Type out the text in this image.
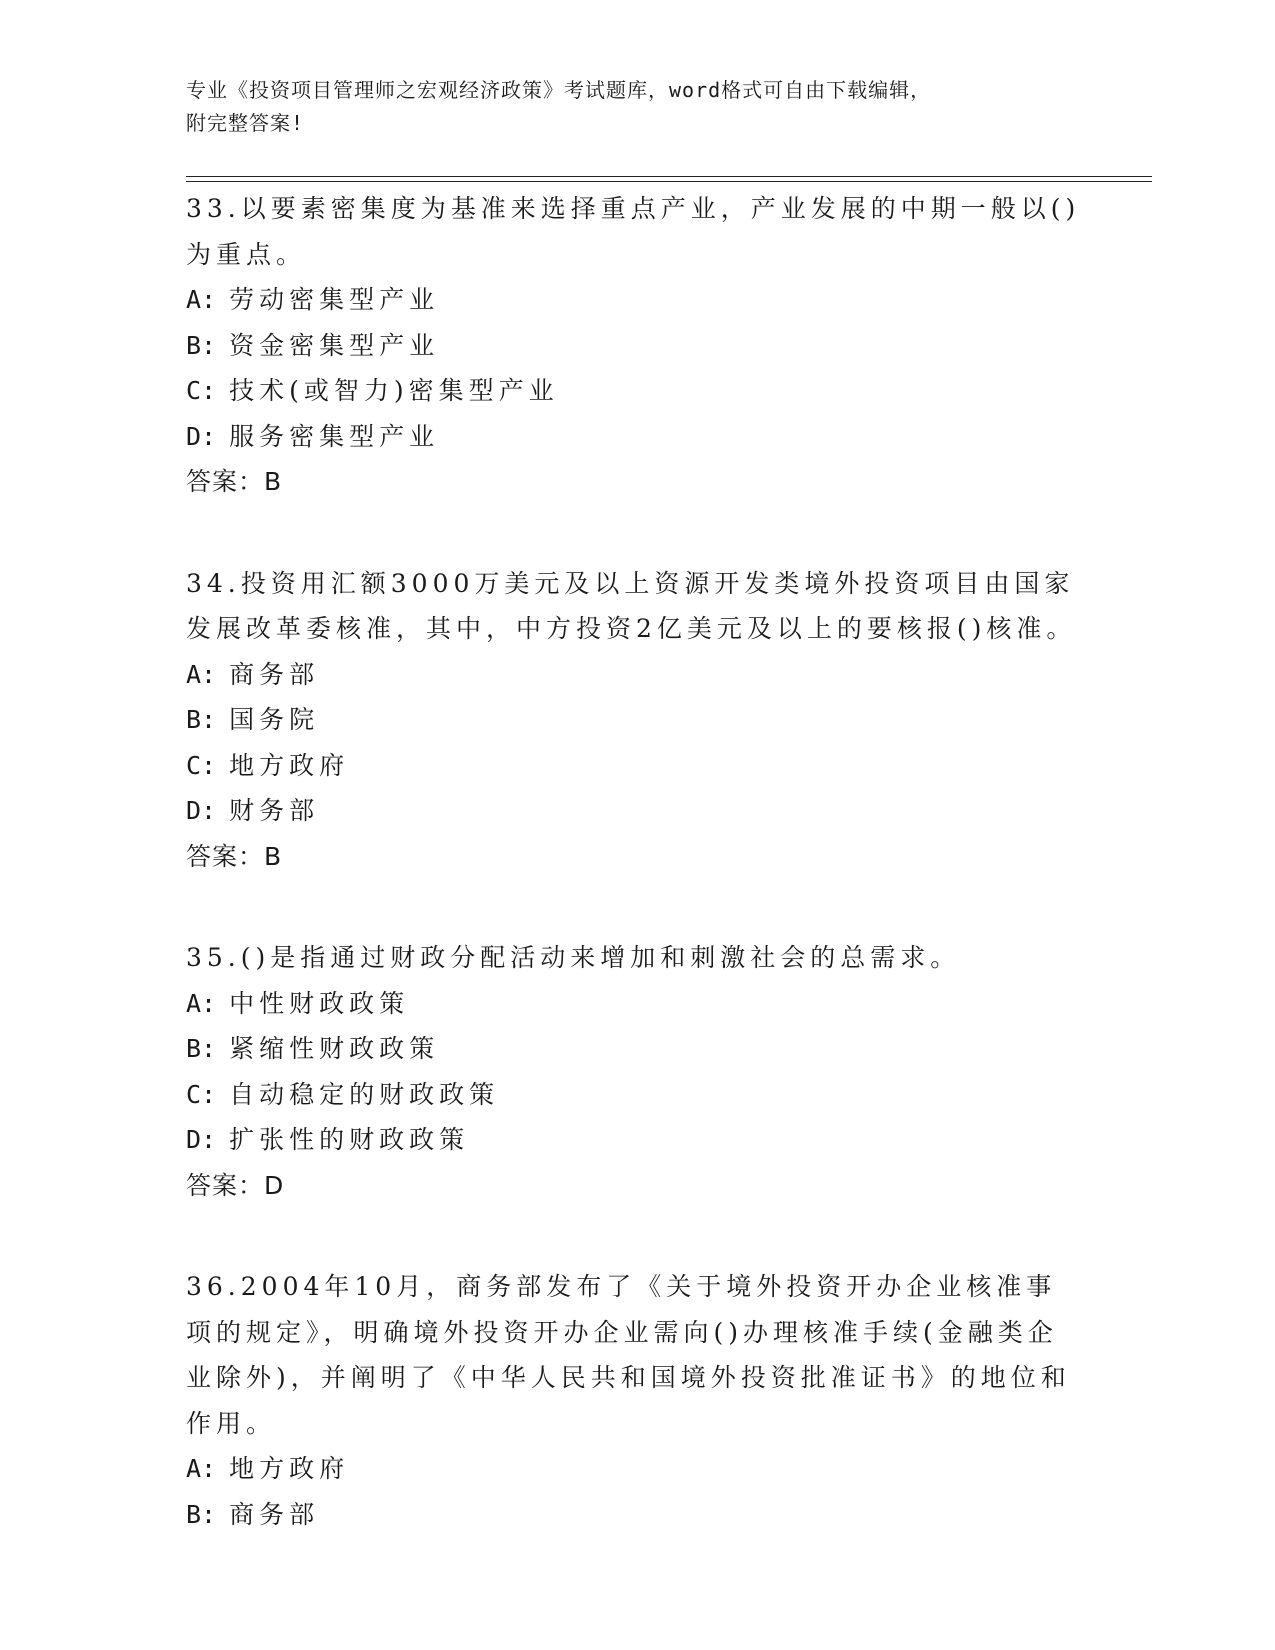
专业《投资项目管理师之宏观经济政策》考试题库，word格式可自由下载编辑，
附完整答案!

33.以要素密集度为基准来选择重点产业，产业发展的中期一般以()为重点。

A: 劳动密集型产业

B: 资金密集型产业

C: 技术(或智力)密集型产业

D: 服务密集型产业

答案：B

34.投资用汇额3000万美元及以上资源开发类境外投资项目由国家发展改革委核准，其中，中方投资2亿美元及以上的要核报()核准。

A: 商务部

B: 国务院

C: 地方政府

D: 财务部

答案：B

35.()是指通过财政分配活动来增加和刺激社会的总需求。

A: 中性财政政策

B: 紧缩性财政政策

C: 自动稳定的财政政策

D: 扩张性的财政政策

答案：D

36.2004年10月，商务部发布了《关于境外投资开办企业核准事项的规定》，明确境外投资开办企业需向()办理核准手续(金融类企业除外)，并阐明了《中华人民共和国境外投资批准证书》的地位和作用。

A: 地方政府

B: 商务部
